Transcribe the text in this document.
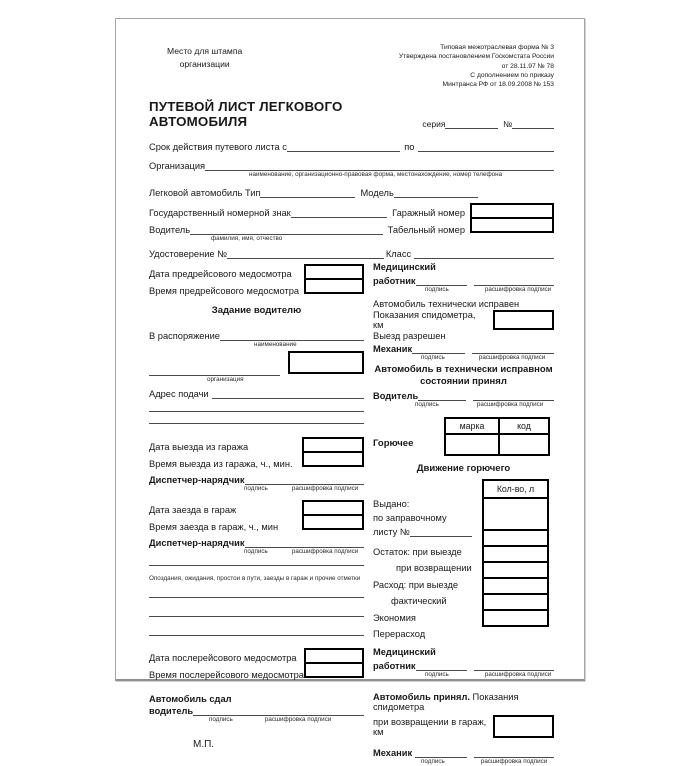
Место для штампа
организации
Типовая межотраслевая форма № 3
Утверждена постановлением Госкомстата России
от 28.11.97 № 78
С дополнением по приказу
Минтранса РФ от 18.09.2008 № 153
ПУТЕВОЙ ЛИСТ ЛЕГКОВОГО АВТОМОБИЛЯ	серия	№
Срок действия путевого листа с	по
Организация
наименование, организационно-правовая форма, местонахождение, номер телефона
Легковой автомобиль Тип	Модель
Государственный номерной знак	Гаражный номер
Водитель	Табельный номер
фамилия, имя, отчество
Удостоверение №	Класс
Дата предрейсового медосмотра
Время предрейсового медосмотра
Задание водителю
В распоряжение
наименование
организация
Адрес подачи
Дата выезда из гаража
Время выезда из гаража, ч., мин.
Диспетчер-нарядчик
подпись	расшифровка подписи
Дата заезда в гараж
Время заезда в гараж, ч., мин
Диспетчер-нарядчик
подпись	расшифровка подписи
Опоздания, ожидания, простои в пути, заезды в гараж и прочие отметки
Дата послерейсового медосмотра
Время послерейсового медосмотра
Автомобиль сдал
водитель
подпись	расшифровка подписи
М.П.
Медицинский
работник
подпись	расшифровка подписи
Автомобиль технически исправен
Показания спидометра, км
Выезд разрешен
Механик
подпись	расшифровка подписи
Автомобиль в технически исправном состоянии принял
Водитель
подпись	расшифровка подписи
Горючее
марка	код

Движение горючего
Выдано:
по заправочному
листу №
Остаток: при выезде
при возвращении
Расход: при выезде
фактический
Экономия
Перерасход
Кол-во, л
Медицинский
работник
подпись	расшифровка подписи
Автомобиль принял. Показания спидометра
при возвращении в гараж, км
Механик
подпись	расшифровка подписи
